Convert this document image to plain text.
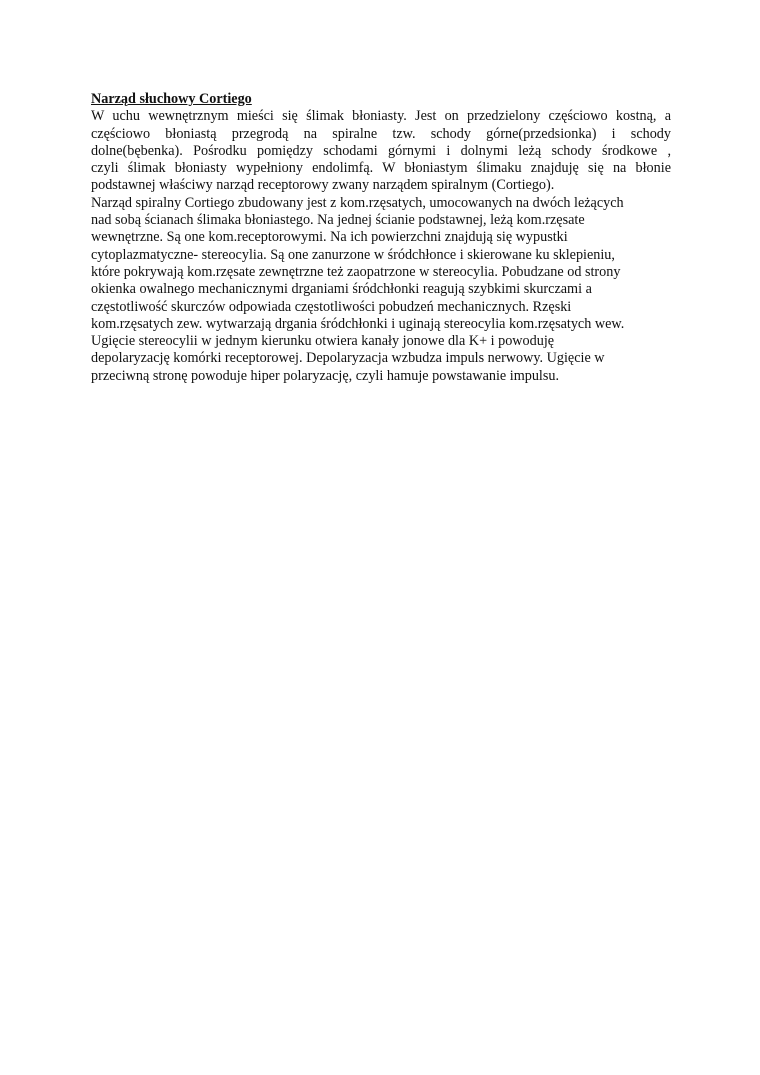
Narząd słuchowy Cortiego
W uchu wewnętrznym mieści się ślimak błoniasty. Jest on przedzielony częściowo kostną, a
częściowo błoniastą przegrodą na spiralne tzw. schody górne(przedsionka) i schody
dolne(bębenka). Pośrodku pomiędzy schodami górnymi i dolnymi leżą schody środkowe ,
czyli ślimak błoniasty wypełniony endolimfą. W błoniastym ślimaku znajduję się na błonie
podstawnej właściwy narząd receptorowy zwany narządem spiralnym (Cortiego).
Narząd spiralny Cortiego zbudowany jest z kom.rzęsatych, umocowanych na dwóch leżących
nad sobą ścianach ślimaka błoniastego. Na jednej ścianie podstawnej, leżą kom.rzęsate
wewnętrzne. Są one kom.receptorowymi. Na ich powierzchni znajdują się wypustki
cytoplazmatyczne- stereocylia. Są one zanurzone w śródchłonce i skierowane ku sklepieniu,
które pokrywają kom.rzęsate zewnętrzne też zaopatrzone w stereocylia. Pobudzane od strony
okienka owalnego mechanicznymi drganiami śródchłonki reagują szybkimi skurczami a
częstotliwość skurczów odpowiada częstotliwości pobudzeń mechanicznych. Rzęski
kom.rzęsatych zew. wytwarzają drgania śródchłonki i uginają stereocylia kom.rzęsatych wew.
Ugięcie stereocylii w jednym kierunku otwiera kanały jonowe dla K+ i powoduję
depolaryzację komórki receptorowej. Depolaryzacja wzbudza impuls nerwowy. Ugięcie w
przeciwną stronę powoduje hiper polaryzację, czyli hamuje powstawanie impulsu.
